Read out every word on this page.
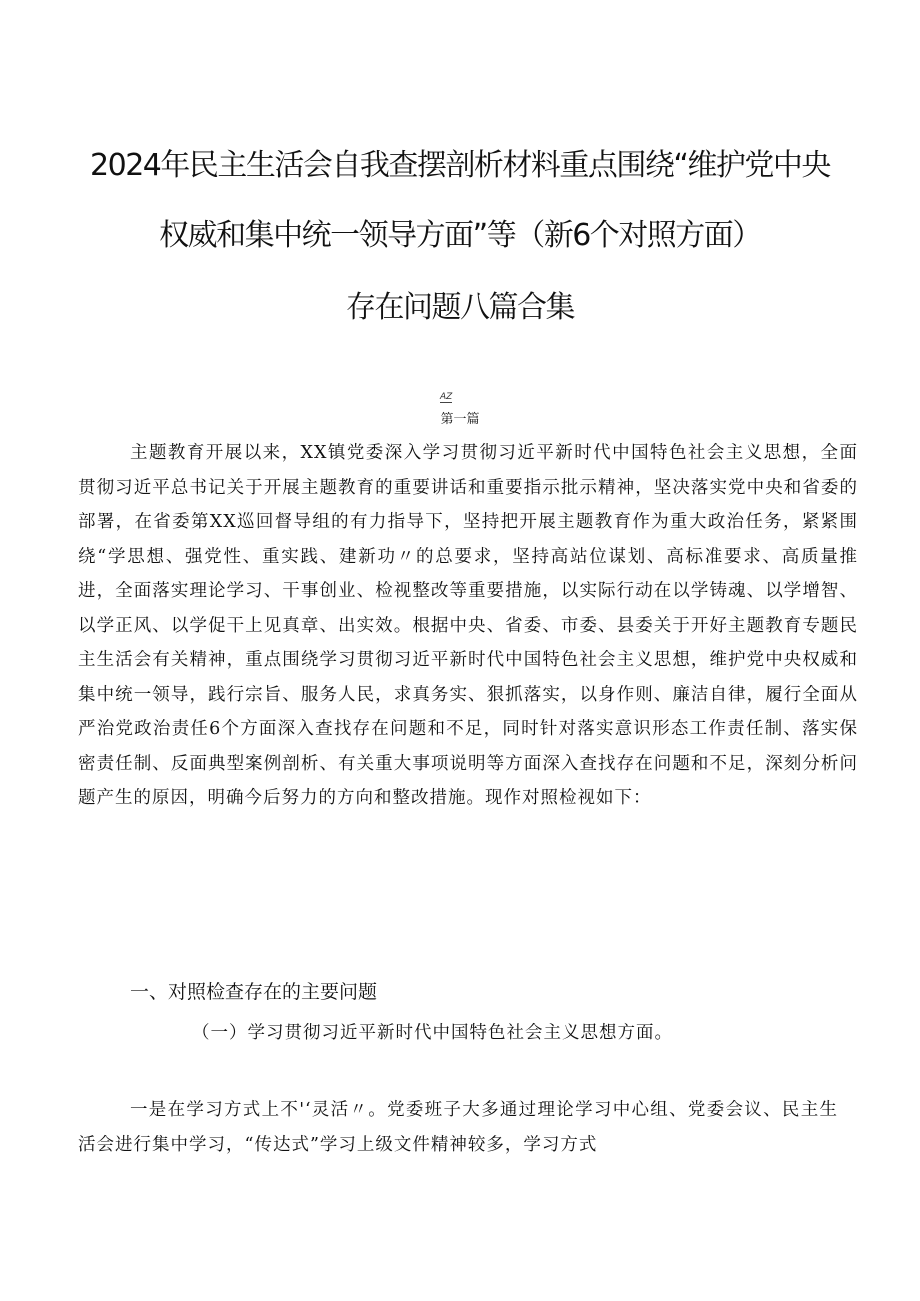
2024年民主生活会自我查摆剖析材料重点围绕“维护党中央
权威和集中统一领导方面”等（新6个对照方面）
存在问题八篇合集
AZ
第一篇
主题教育开展以来，XX镇党委深入学习贯彻习近平新时代中国特色社会主义思想，全面贯彻习近平总书记关于开展主题教育的重要讲话和重要指示批示精神，坚决落实党中央和省委的部署，在省委第XX巡回督导组的有力指导下，坚持把开展主题教育作为重大政治任务，紧紧围绕“学思想、强党性、重实践、建新功〃的总要求，坚持高站位谋划、高标准要求、高质量推进，全面落实理论学习、干事创业、检视整改等重要措施，以实际行动在以学铸魂、以学增智、以学正风、以学促干上见真章、出实效。根据中央、省委、市委、县委关于开好主题教育专题民主生活会有关精神，重点围绕学习贯彻习近平新时代中国特色社会主义思想，维护党中央权威和集中统一领导，践行宗旨、服务人民，求真务实、狠抓落实，以身作则、廉洁自律，履行全面从严治党政治责任6个方面深入查找存在问题和不足，同时针对落实意识形态工作责任制、落实保密责任制、反面典型案例剖析、有关重大事项说明等方面深入查找存在问题和不足，深刻分析问题产生的原因，明确今后努力的方向和整改措施。现作对照检视如下：
一、对照检查存在的主要问题
（一）学习贯彻习近平新时代中国特色社会主义思想方面。
一是在学习方式上不'‘灵活〃。党委班子大多通过理论学习中心组、党委会议、民主生活会进行集中学习，“传达式”学习上级文件精神较多，学习方式
